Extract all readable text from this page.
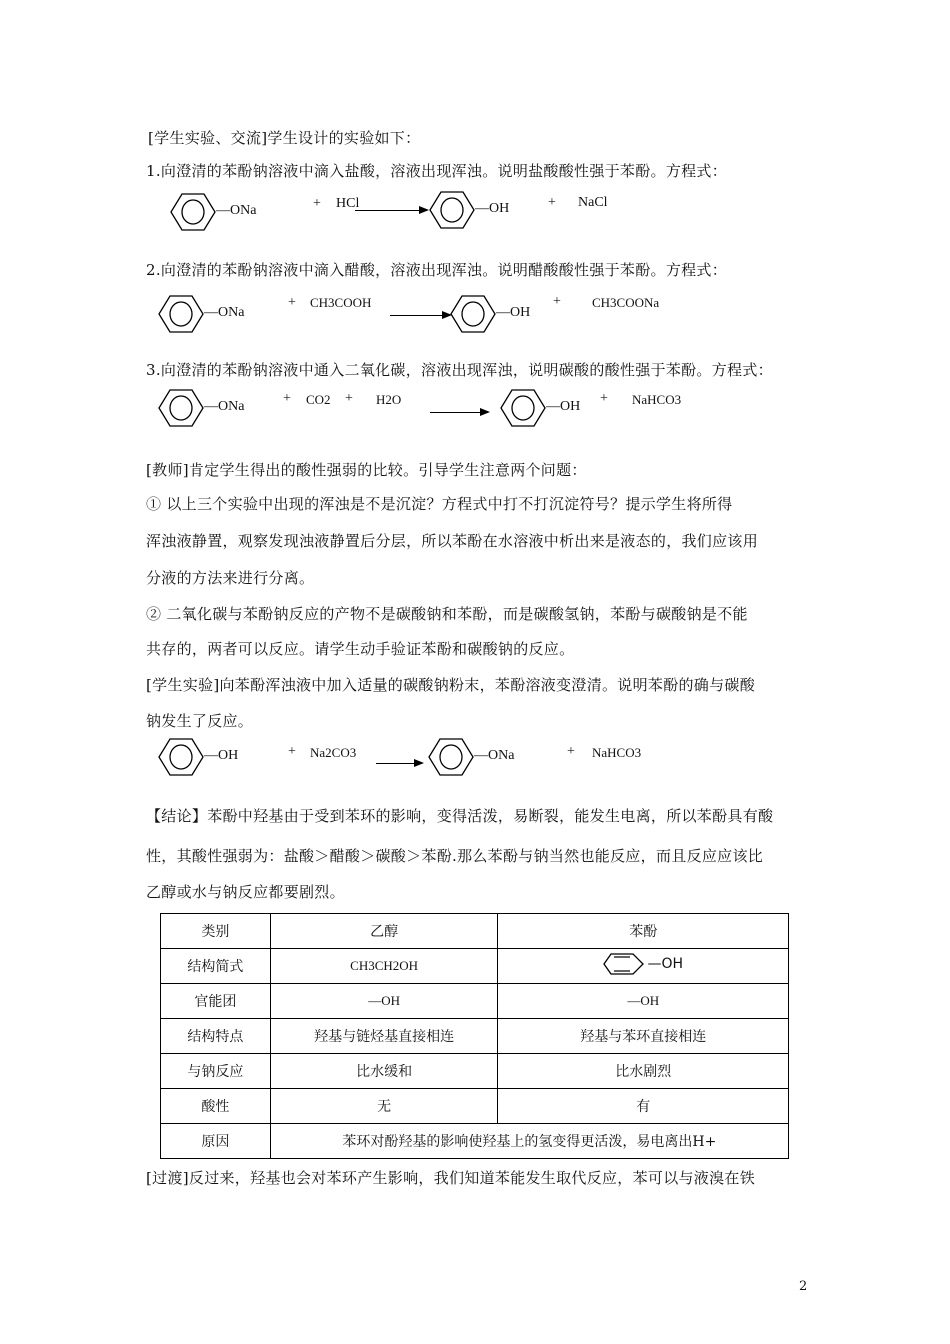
[学生实验、交流]学生设计的实验如下：
1.向澄清的苯酚钠溶液中滴入盐酸，溶液出现浑浊。说明盐酸酸性强于苯酚。方程式：
—ONa	+ HCl	—OH	+ NaCl
2.向澄清的苯酚钠溶液中滴入醋酸，溶液出现浑浊。说明醋酸酸性强于苯酚。方程式：
—ONa
+ CH3COOH
—OH
+ CH3COONa
3.向澄清的苯酚钠溶液中通入二氧化碳，溶液出现浑浊，说明碳酸的酸性强于苯酚。方程式：
—ONa
+ CO2 + H2O	—OH
+ NaHCO3
[教师]肯定学生得出的酸性强弱的比较。引导学生注意两个问题：
① 以上三个实验中出现的浑浊是不是沉淀？方程式中打不打沉淀符号？提示学生将所得
浑浊液静置，观察发现浊液静置后分层，所以苯酚在水溶液中析出来是液态的，我们应该用
分液的方法来进行分离。
② 二氧化碳与苯酚钠反应的产物不是碳酸钠和苯酚，而是碳酸氢钠，苯酚与碳酸钠是不能
共存的，两者可以反应。请学生动手验证苯酚和碳酸钠的反应。
[学生实验]向苯酚浑浊液中加入适量的碳酸钠粉末，苯酚溶液变澄清。说明苯酚的确与碳酸
钠发生了反应。
—OH	+ Na2CO3	—ONa	+ NaHCO3
【结论】苯酚中羟基由于受到苯环的影响，变得活泼，易断裂，能发生电离，所以苯酚具有酸
性，其酸性强弱为：盐酸＞醋酸＞碳酸＞苯酚.那么苯酚与钠当然也能反应，而且反应应该比
乙醇或水与钠反应都要剧烈。
类别	乙醇	苯酚
结构简式	CH3CH2OH	—OH

官能团	—OH	—OH
结构特点	羟基与链烃基直接相连	羟基与苯环直接相连
与钠反应	比水缓和	比水剧烈
酸性	无	有
原因	苯环对酚羟基的影响使羟基上的氢变得更活泼，易电离出H+	
[过渡]反过来，羟基也会对苯环产生影响，我们知道苯能发生取代反应，苯可以与液溴在铁
2
